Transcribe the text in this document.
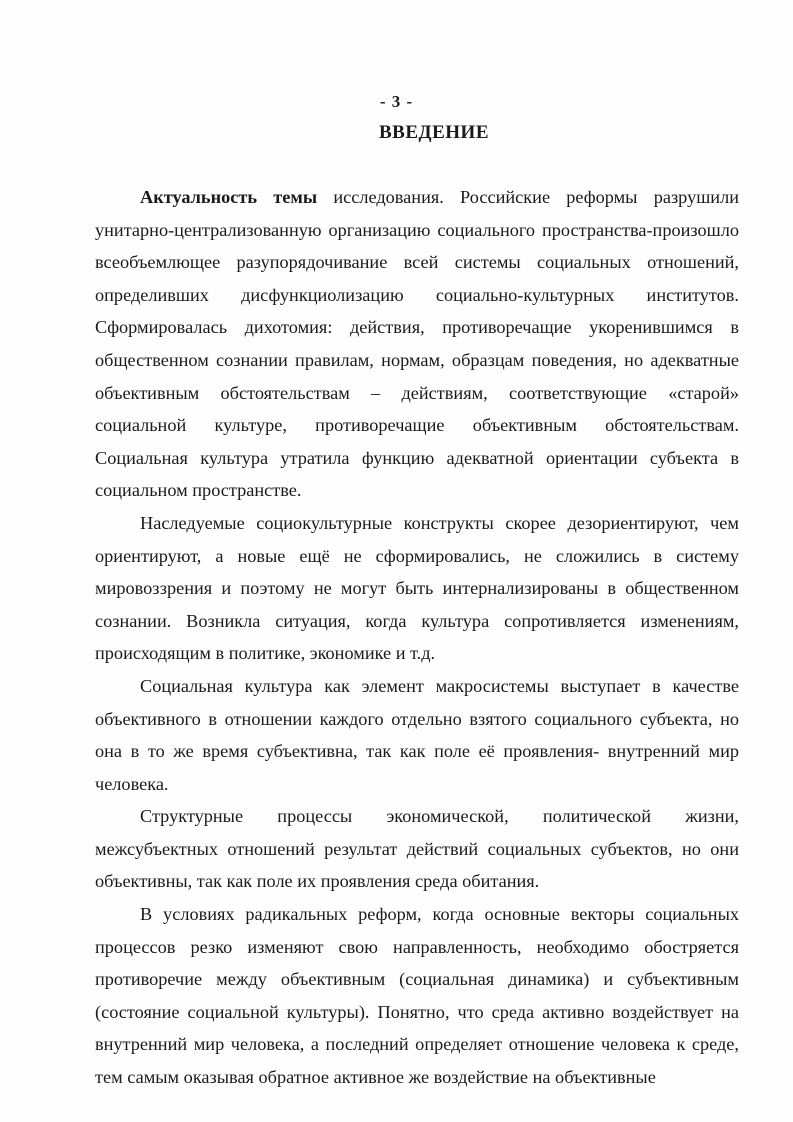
- 3 -
ВВЕДЕНИЕ

Актуальность темы исследования. Российские реформы разрушили унитарно-централизованную организацию социального пространства-произошло всеобъемлющее разупорядочивание всей системы социальных отношений, определивших дисфункциолизацию социально-культурных институтов. Сформировалась дихотомия: действия, противоречащие укоренившимся в общественном сознании правилам, нормам, образцам поведения, но адекватные объективным обстоятельствам – действиям, соответствующие «старой» социальной культуре, противоречащие объективным обстоятельствам. Социальная культура утратила функцию адекватной ориентации субъекта в социальном пространстве.

Наследуемые социокультурные конструкты скорее дезориентируют, чем ориентируют, а новые ещё не сформировались, не сложились в систему мировоззрения и поэтому не могут быть интернализированы в общественном сознании. Возникла ситуация, когда культура сопротивляется изменениям, происходящим в политике, экономике и т.д.

Социальная культура как элемент макросистемы выступает в качестве объективного в отношении каждого отдельно взятого социального субъекта, но она в то же время субъективна, так как поле её проявления- внутренний мир человека.

Структурные процессы экономической, политической жизни, межсубъектных отношений результат действий социальных субъектов, но они объективны, так как поле их проявления среда обитания.

В условиях радикальных реформ, когда основные векторы социальных процессов резко изменяют свою направленность, необходимо обостряется противоречие между объективным (социальная динамика) и субъективным (состояние социальной культуры). Понятно, что среда активно воздействует на внутренний мир человека, а последний определяет отношение человека к среде, тем самым оказывая обратное активное же воздействие на объективные
